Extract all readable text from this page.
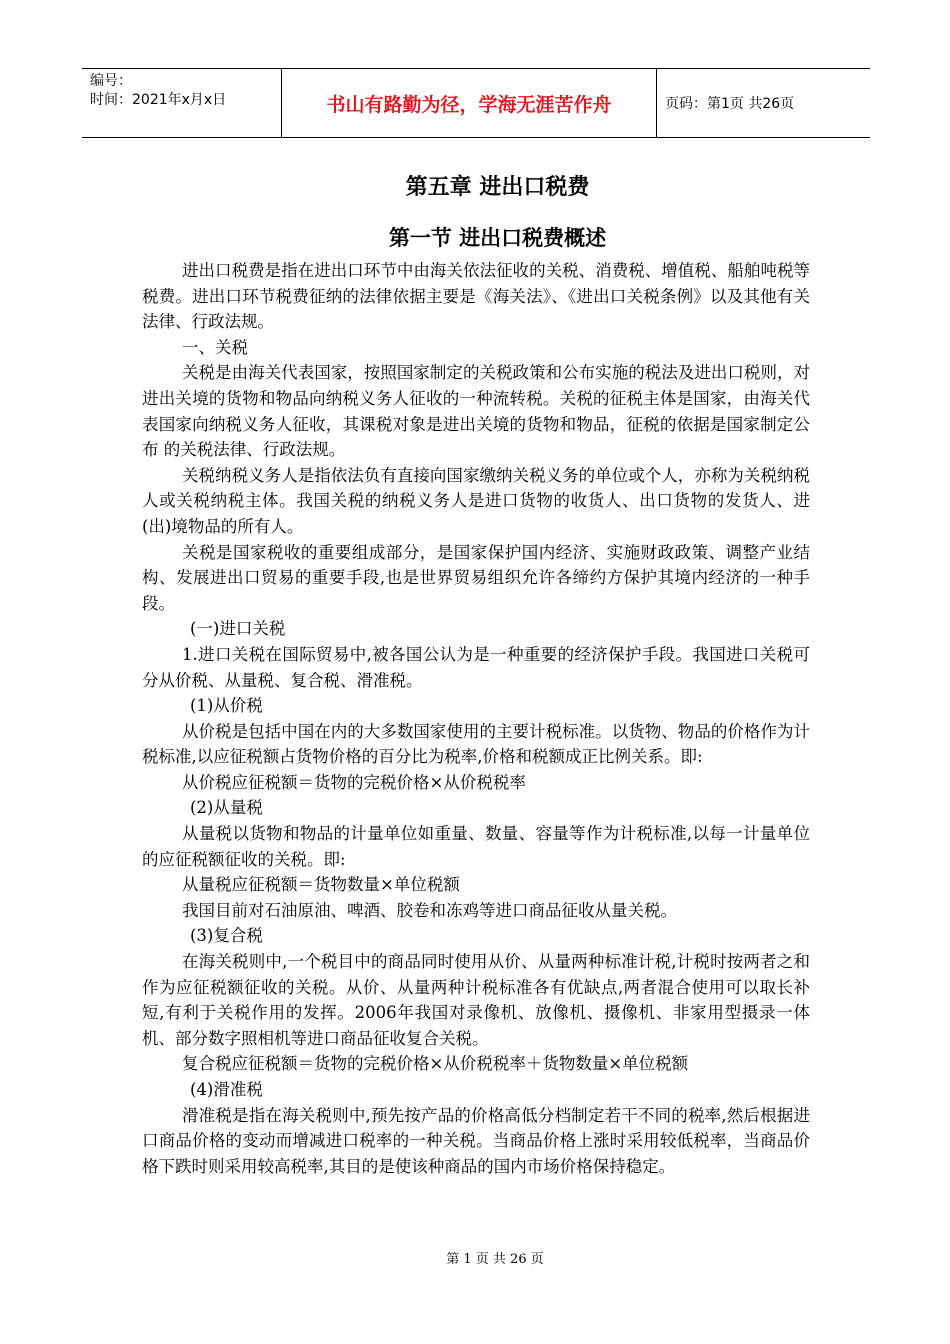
编号：
时间：2021年x月x日	书山有路勤为径，学海无涯苦作舟	页码：第1页 共26页
第五章 进出口税费
第一节 进出口税费概述

进出口税费是指在进出口环节中由海关依法征收的关税、消费税、增值税、船舶吨税等税费。进出口环节税费征纳的法律依据主要是《海关法》、《进出口关税条例》以及其他有关法律、行政法规。

一、关税

关税是由海关代表国家，按照国家制定的关税政策和公布实施的税法及进出口税则，对进出关境的货物和物品向纳税义务人征收的一种流转税。关税的征税主体是国家，由海关代表国家向纳税义务人征收，其课税对象是进出关境的货物和物品，征税的依据是国家制定公布 的关税法律、行政法规。

关税纳税义务人是指依法负有直接向国家缴纳关税义务的单位或个人，亦称为关税纳税人或关税纳税主体。我国关税的纳税义务人是进口货物的收货人、出口货物的发货人、进(出)境物品的所有人。

关税是国家税收的重要组成部分，是国家保护国内经济、实施财政政策、调整产业结构、发展进出口贸易的重要手段,也是世界贸易组织允许各缔约方保护其境内经济的一种手段。

(一)进口关税

1.进口关税在国际贸易中,被各国公认为是一种重要的经济保护手段。我国进口关税可分从价税、从量税、复合税、滑准税。

(1)从价税

从价税是包括中国在内的大多数国家使用的主要计税标准。以货物、物品的价格作为计税标准,以应征税额占货物价格的百分比为税率,价格和税额成正比例关系。即:

从价税应征税额＝货物的完税价格×从价税税率

(2)从量税

从量税以货物和物品的计量单位如重量、数量、容量等作为计税标准,以每一计量单位的应征税额征收的关税。即:

从量税应征税额＝货物数量×单位税额

我国目前对石油原油、啤酒、胶卷和冻鸡等进口商品征收从量关税。

(3)复合税

在海关税则中,一个税目中的商品同时使用从价、从量两种标准计税,计税时按两者之和作为应征税额征收的关税。从价、从量两种计税标准各有优缺点,两者混合使用可以取长补短,有利于关税作用的发挥。2006年我国对录像机、放像机、摄像机、非家用型摄录一体机、部分数字照相机等进口商品征收复合关税。

复合税应征税额＝货物的完税价格×从价税税率＋货物数量×单位税额

(4)滑准税

滑准税是指在海关税则中,预先按产品的价格高低分档制定若干不同的税率,然后根据进口商品价格的变动而增减进口税率的一种关税。当商品价格上涨时采用较低税率，当商品价格下跌时则采用较高税率,其目的是使该种商品的国内市场价格保持稳定。

第 1 页 共 26 页
